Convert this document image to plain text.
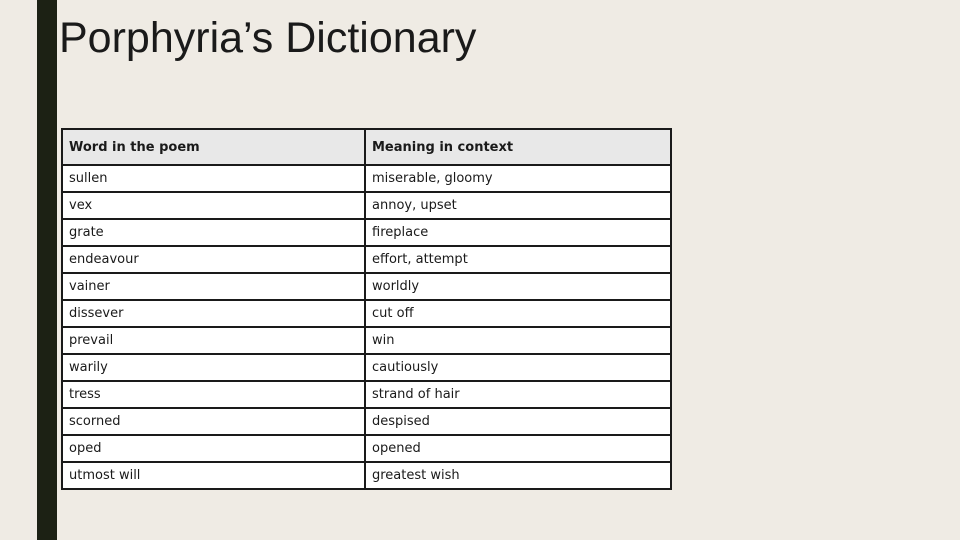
Porphyria’s Dictionary
Word in the poem	Meaning in context
sullen	miserable, gloomy
vex	annoy, upset
grate	fireplace
endeavour	effort, attempt
vainer	worldly
dissever	cut off
prevail	win
warily	cautiously
tress	strand of hair
scorned	despised
oped	opened
utmost will	greatest wish
